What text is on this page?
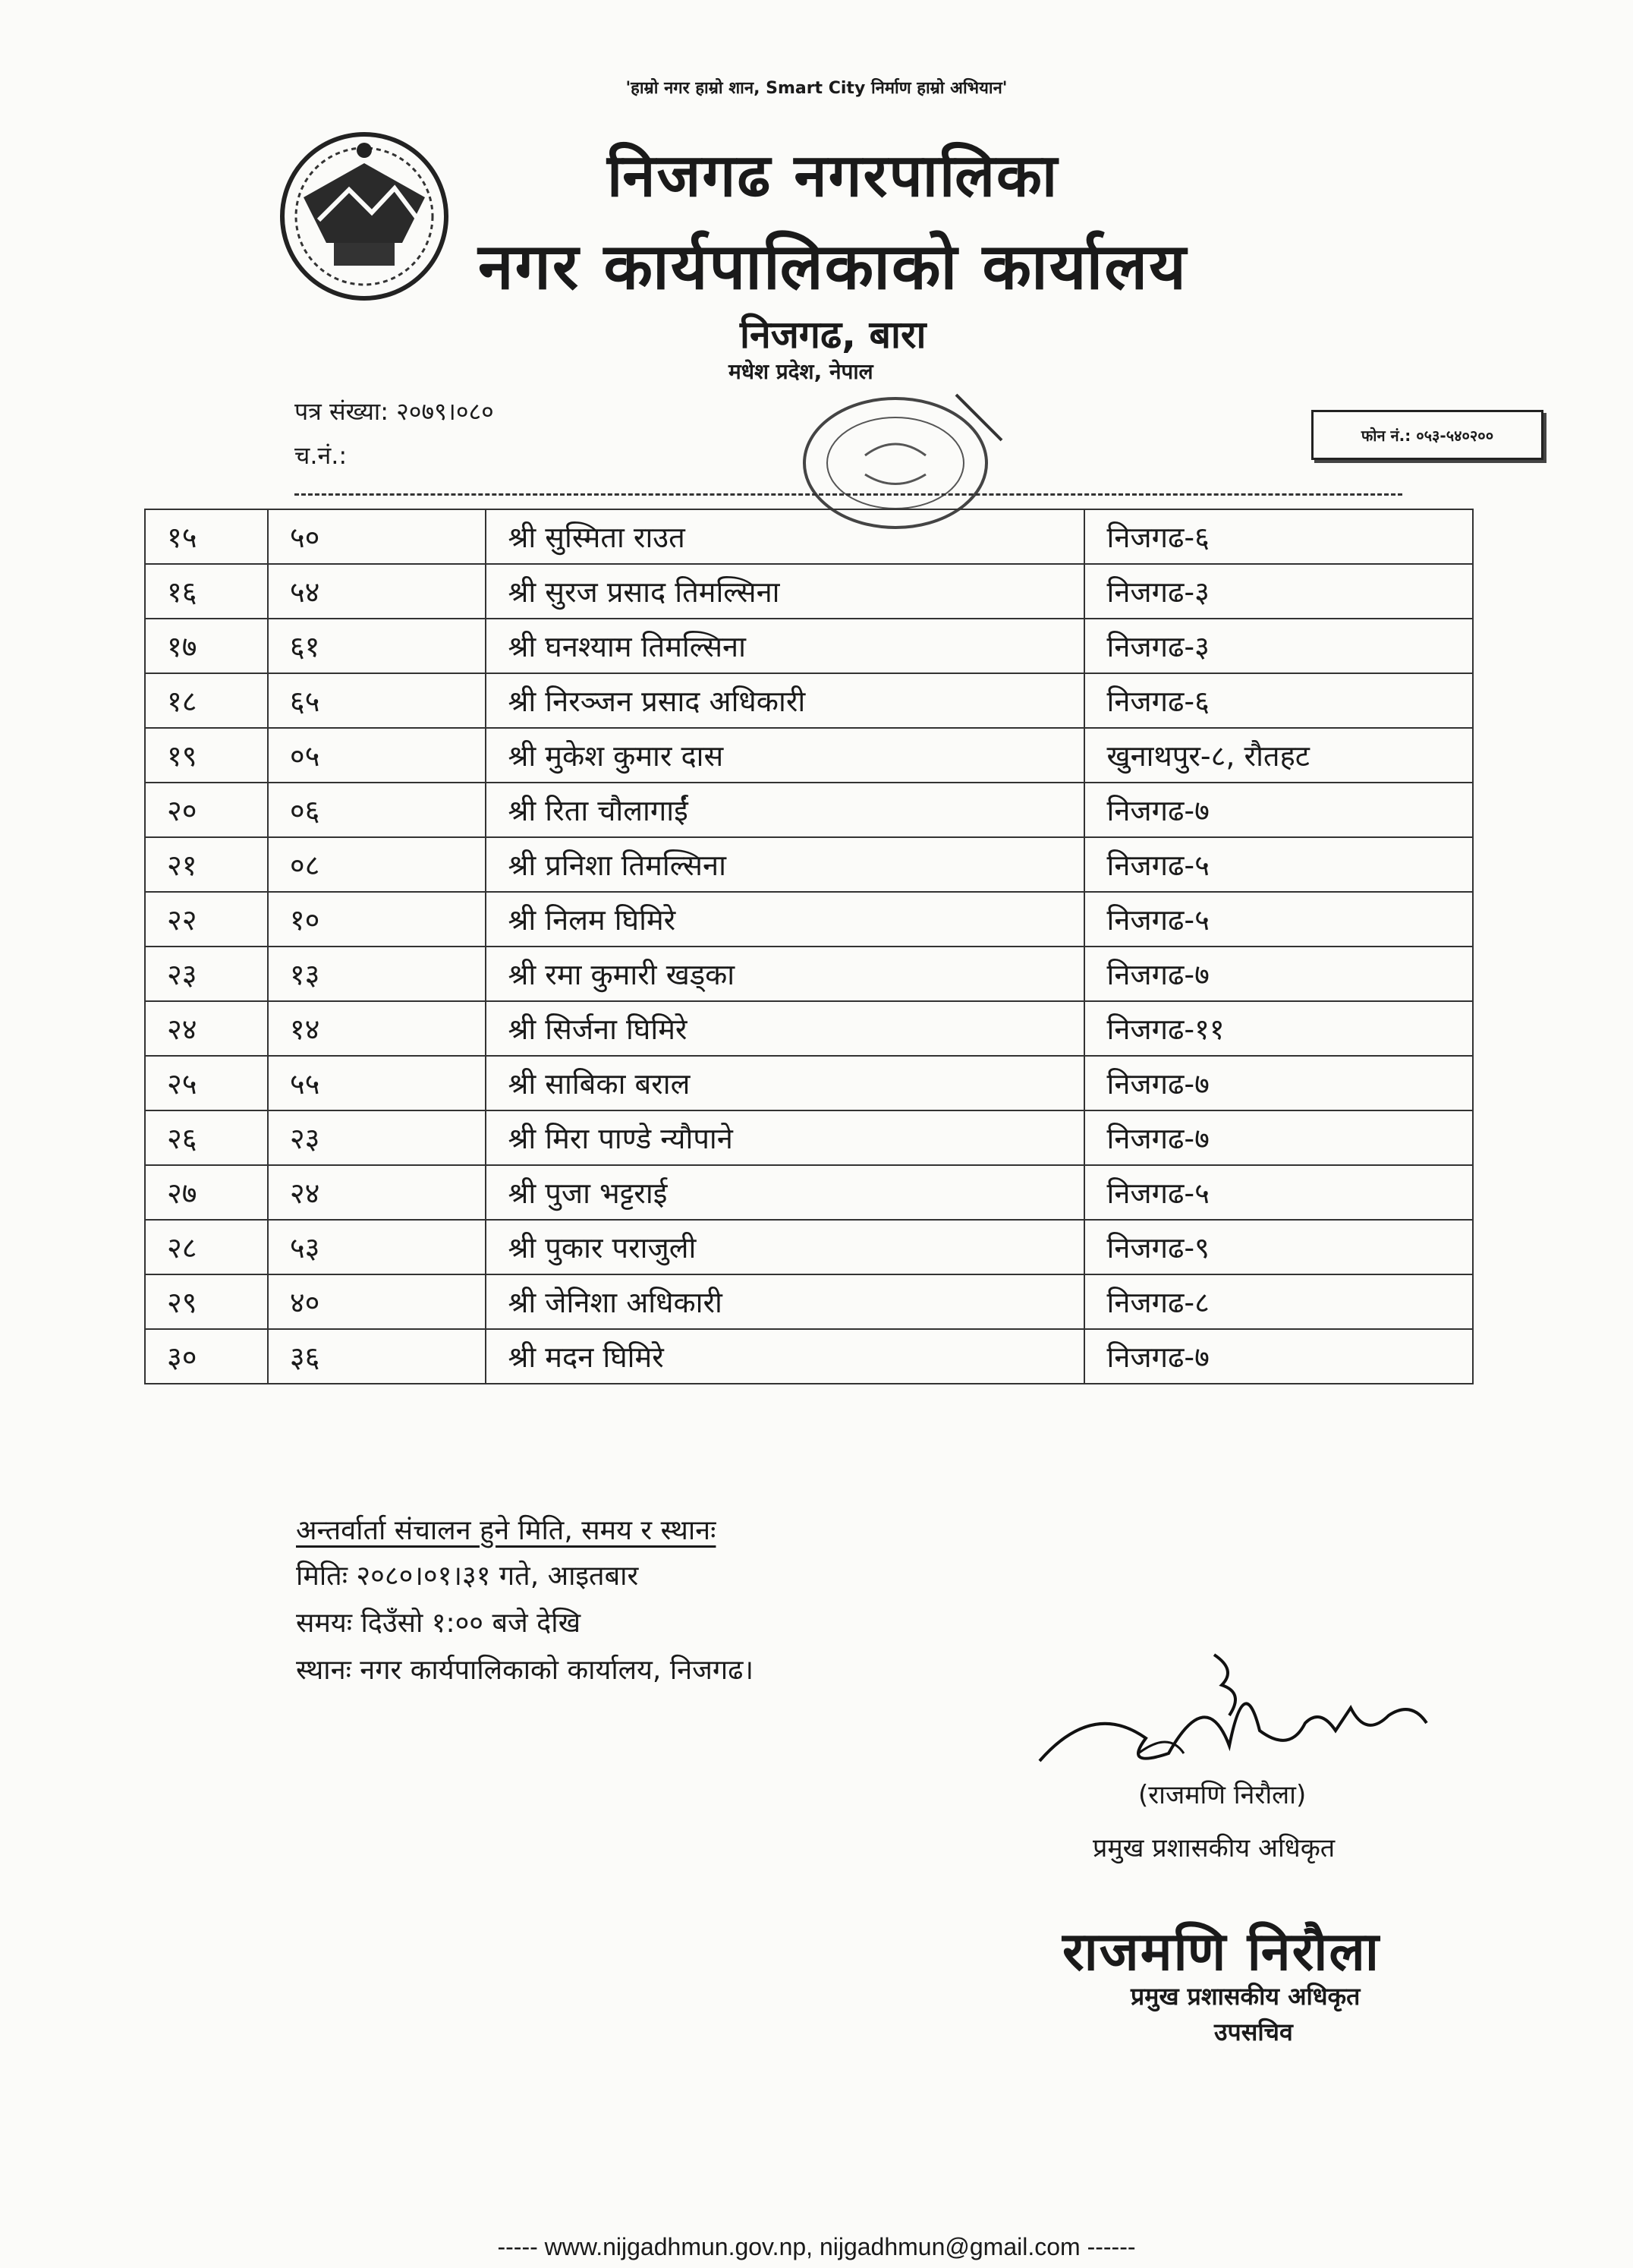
'हाम्रो नगर हाम्रो शान, Smart City निर्माण हाम्रो अभियान'
निजगढ नगरपालिका
नगर कार्यपालिकाको कार्यालय
निजगढ, बारा
मधेश प्रदेश, नेपाल
पत्र संख्या: २०७९।०८०
च.नं.:
फोन नं.: ०५३-५४०२००
१५	५०	श्री सुस्मिता राउत	निजगढ-६
१६	५४	श्री सुरज प्रसाद तिमल्सिना	निजगढ-३
१७	६१	श्री घनश्याम तिमल्सिना	निजगढ-३
१८	६५	श्री निरञ्जन प्रसाद अधिकारी	निजगढ-६
१९	०५	श्री मुकेश कुमार दास	खुनाथपुर-८, रौतहट
२०	०६	श्री रिता चौलागाईं	निजगढ-७
२१	०८	श्री प्रनिशा तिमल्सिना	निजगढ-५
२२	१०	श्री निलम घिमिरे	निजगढ-५
२३	१३	श्री रमा कुमारी खड्का	निजगढ-७
२४	१४	श्री सिर्जना घिमिरे	निजगढ-११
२५	५५	श्री साबिका बराल	निजगढ-७
२६	२३	श्री मिरा पाण्डे न्यौपाने	निजगढ-७
२७	२४	श्री पुजा भट्टराई	निजगढ-५
२८	५३	श्री पुकार पराजुली	निजगढ-९
२९	४०	श्री जेनिशा अधिकारी	निजगढ-८
३०	३६	श्री मदन घिमिरे	निजगढ-७
अन्तर्वार्ता संचालन हुने मिति, समय र स्थानः
मितिः २०८०।०१।३१ गते, आइतबार
समयः दिउँसो १:०० बजे देखि
स्थानः नगर कार्यपालिकाको कार्यालय, निजगढ।
(राजमणि निरौला)
प्रमुख प्रशासकीय अधिकृत
राजमणि निरौला
प्रमुख प्रशासकीय अधिकृत
उपसचिव
----- www.nijgadhmun.gov.np, nijgadhmun@gmail.com ------
